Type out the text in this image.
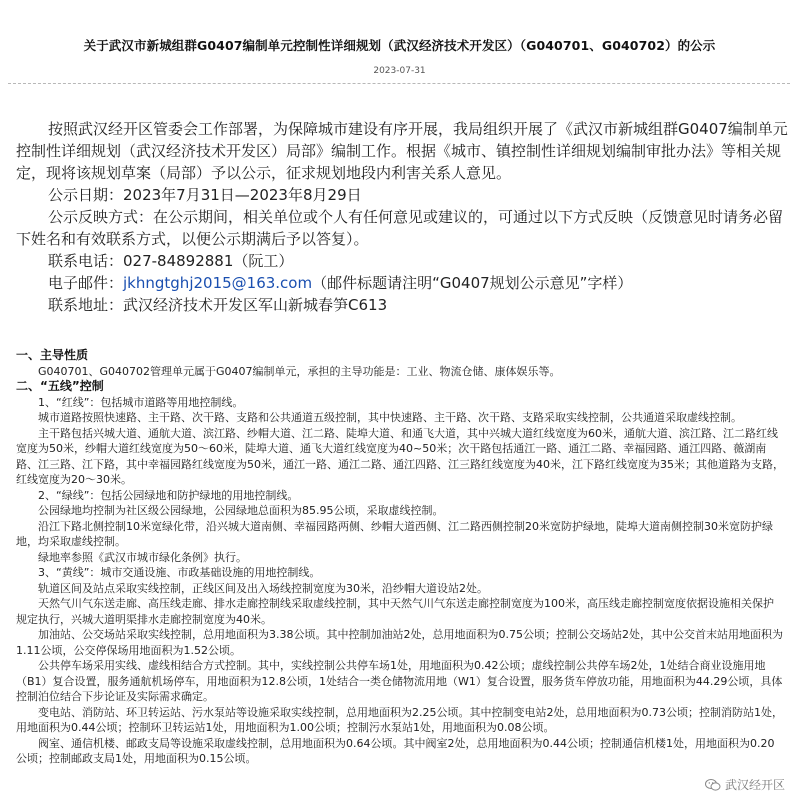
关于武汉市新城组群G0407编制单元控制性详细规划（武汉经济技术开发区）（G040701、G040702）的公示
2023-07-31

按照武汉经开区管委会工作部署，为保障城市建设有序开展，我局组织开展了《武汉市新城组群G0407编制单元控制性详细规划（武汉经济技术开发区）局部》编制工作。根据《城市、镇控制性详细规划编制审批办法》等相关规定，现将该规划草案（局部）予以公示，征求规划地段内利害关系人意见。

公示日期：2023年7月31日—2023年8月29日

公示反映方式：在公示期间，相关单位或个人有任何意见或建议的，可通过以下方式反映（反馈意见时请务必留下姓名和有效联系方式，以便公示期满后予以答复）。

联系电话：027-84892881（阮工）

电子邮件：jkhngtghj2015@163.com（邮件标题请注明“G0407规划公示意见”字样）

联系地址：武汉经济技术开发区军山新城春笋C613

一、主导性质

G040701、G040702管理单元属于G0407编制单元，承担的主导功能是：工业、物流仓储、康体娱乐等。

二、“五线”控制

1、“红线”：包括城市道路等用地控制线。

城市道路按照快速路、主干路、次干路、支路和公共通道五级控制，其中快速路、主干路、次干路、支路采取实线控制，公共通道采取虚线控制。

主干路包括兴城大道、通航大道、滨江路、纱帽大道、江二路、陡埠大道、和通飞大道，其中兴城大道红线宽度为60米，通航大道、滨江路、江二路红线宽度为50米，纱帽大道红线宽度为50～60米，陡埠大道、通飞大道红线宽度为40~50米；次干路包括通江一路、通江二路、幸福园路、通江四路、薇湖南路、江三路、江下路，其中幸福园路红线宽度为50米，通江一路、通江二路、通江四路、江三路红线宽度为40米，江下路红线宽度为35米；其他道路为支路，红线宽度为20～30米。

2、“绿线”：包括公园绿地和防护绿地的用地控制线。

公园绿地均控制为社区级公园绿地，公园绿地总面积为85.95公顷，采取虚线控制。

沿江下路北侧控制10米宽绿化带，沿兴城大道南侧、幸福园路两侧、纱帽大道西侧、江二路西侧控制20米宽防护绿地，陡埠大道南侧控制30米宽防护绿地，均采取虚线控制。

绿地率参照《武汉市城市绿化条例》执行。

3、“黄线”：城市交通设施、市政基础设施的用地控制线。

轨道区间及站点采取实线控制，正线区间及出入场线控制宽度为30米，沿纱帽大道设站2处。

天然气川气东送走廊、高压线走廊、排水走廊控制线采取虚线控制，其中天然气川气东送走廊控制宽度为100米，高压线走廊控制宽度依据设施相关保护规定执行，兴城大道明渠排水走廊控制宽度为40米。

加油站、公交场站采取实线控制，总用地面积为3.38公顷。其中控制加油站2处，总用地面积为0.75公顷；控制公交场站2处，其中公交首末站用地面积为1.11公顷，公交停保场用地面积为1.52公顷。

公共停车场采用实线、虚线相结合方式控制。其中，实线控制公共停车场1处，用地面积为0.42公顷；虚线控制公共停车场2处，1处结合商业设施用地（B1）复合设置，服务通航机场停车，用地面积为12.8公顷，1处结合一类仓储物流用地（W1）复合设置，服务货车停放功能，用地面积为44.29公顷，具体控制泊位结合下步论证及实际需求确定。

变电站、消防站、环卫转运站、污水泵站等设施采取实线控制，总用地面积为2.25公顷。其中控制变电站2处，总用地面积为0.73公顷；控制消防站1处，用地面积为0.44公顷；控制环卫转运站1处，用地面积为1.00公顷；控制污水泵站1处，用地面积为0.08公顷。

阀室、通信机楼、邮政支局等设施采取虚线控制，总用地面积为0.64公顷。其中阀室2处，总用地面积为0.44公顷；控制通信机楼1处，用地面积为0.20公顷；控制邮政支局1处，用地面积为0.15公顷。

武汉经开区
